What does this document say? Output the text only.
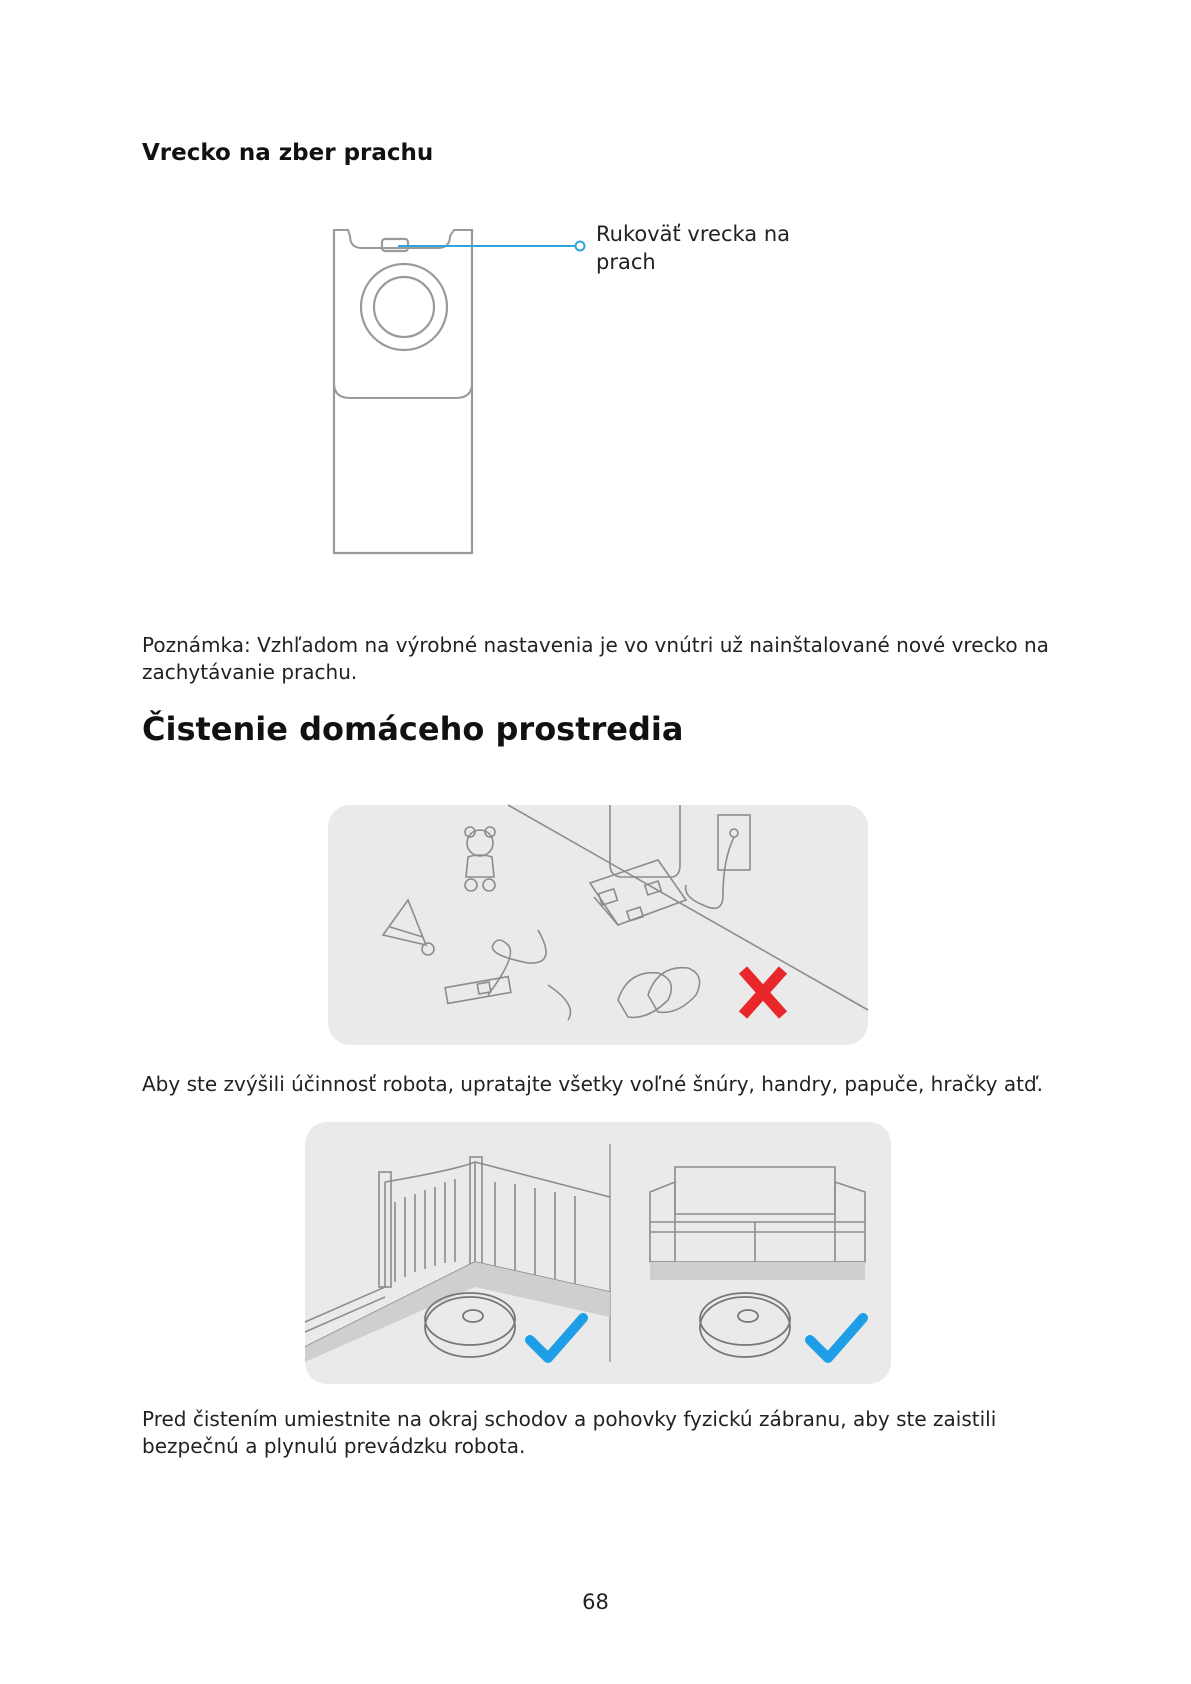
Vrecko na zber prachu
Rukoväť vrecka na prach

Poznámka: Vzhľadom na výrobné nastavenia je vo vnútri už nainštalované nové vrecko na zachytávanie prachu.

Čistenie domáceho prostredia

Aby ste zvýšili účinnosť robota, upratajte všetky voľné šnúry, handry, papuče, hračky atď.

Pred čistením umiestnite na okraj schodov a pohovky fyzickú zábranu, aby ste zaistili bezpečnú a plynulú prevádzku robota.

68
